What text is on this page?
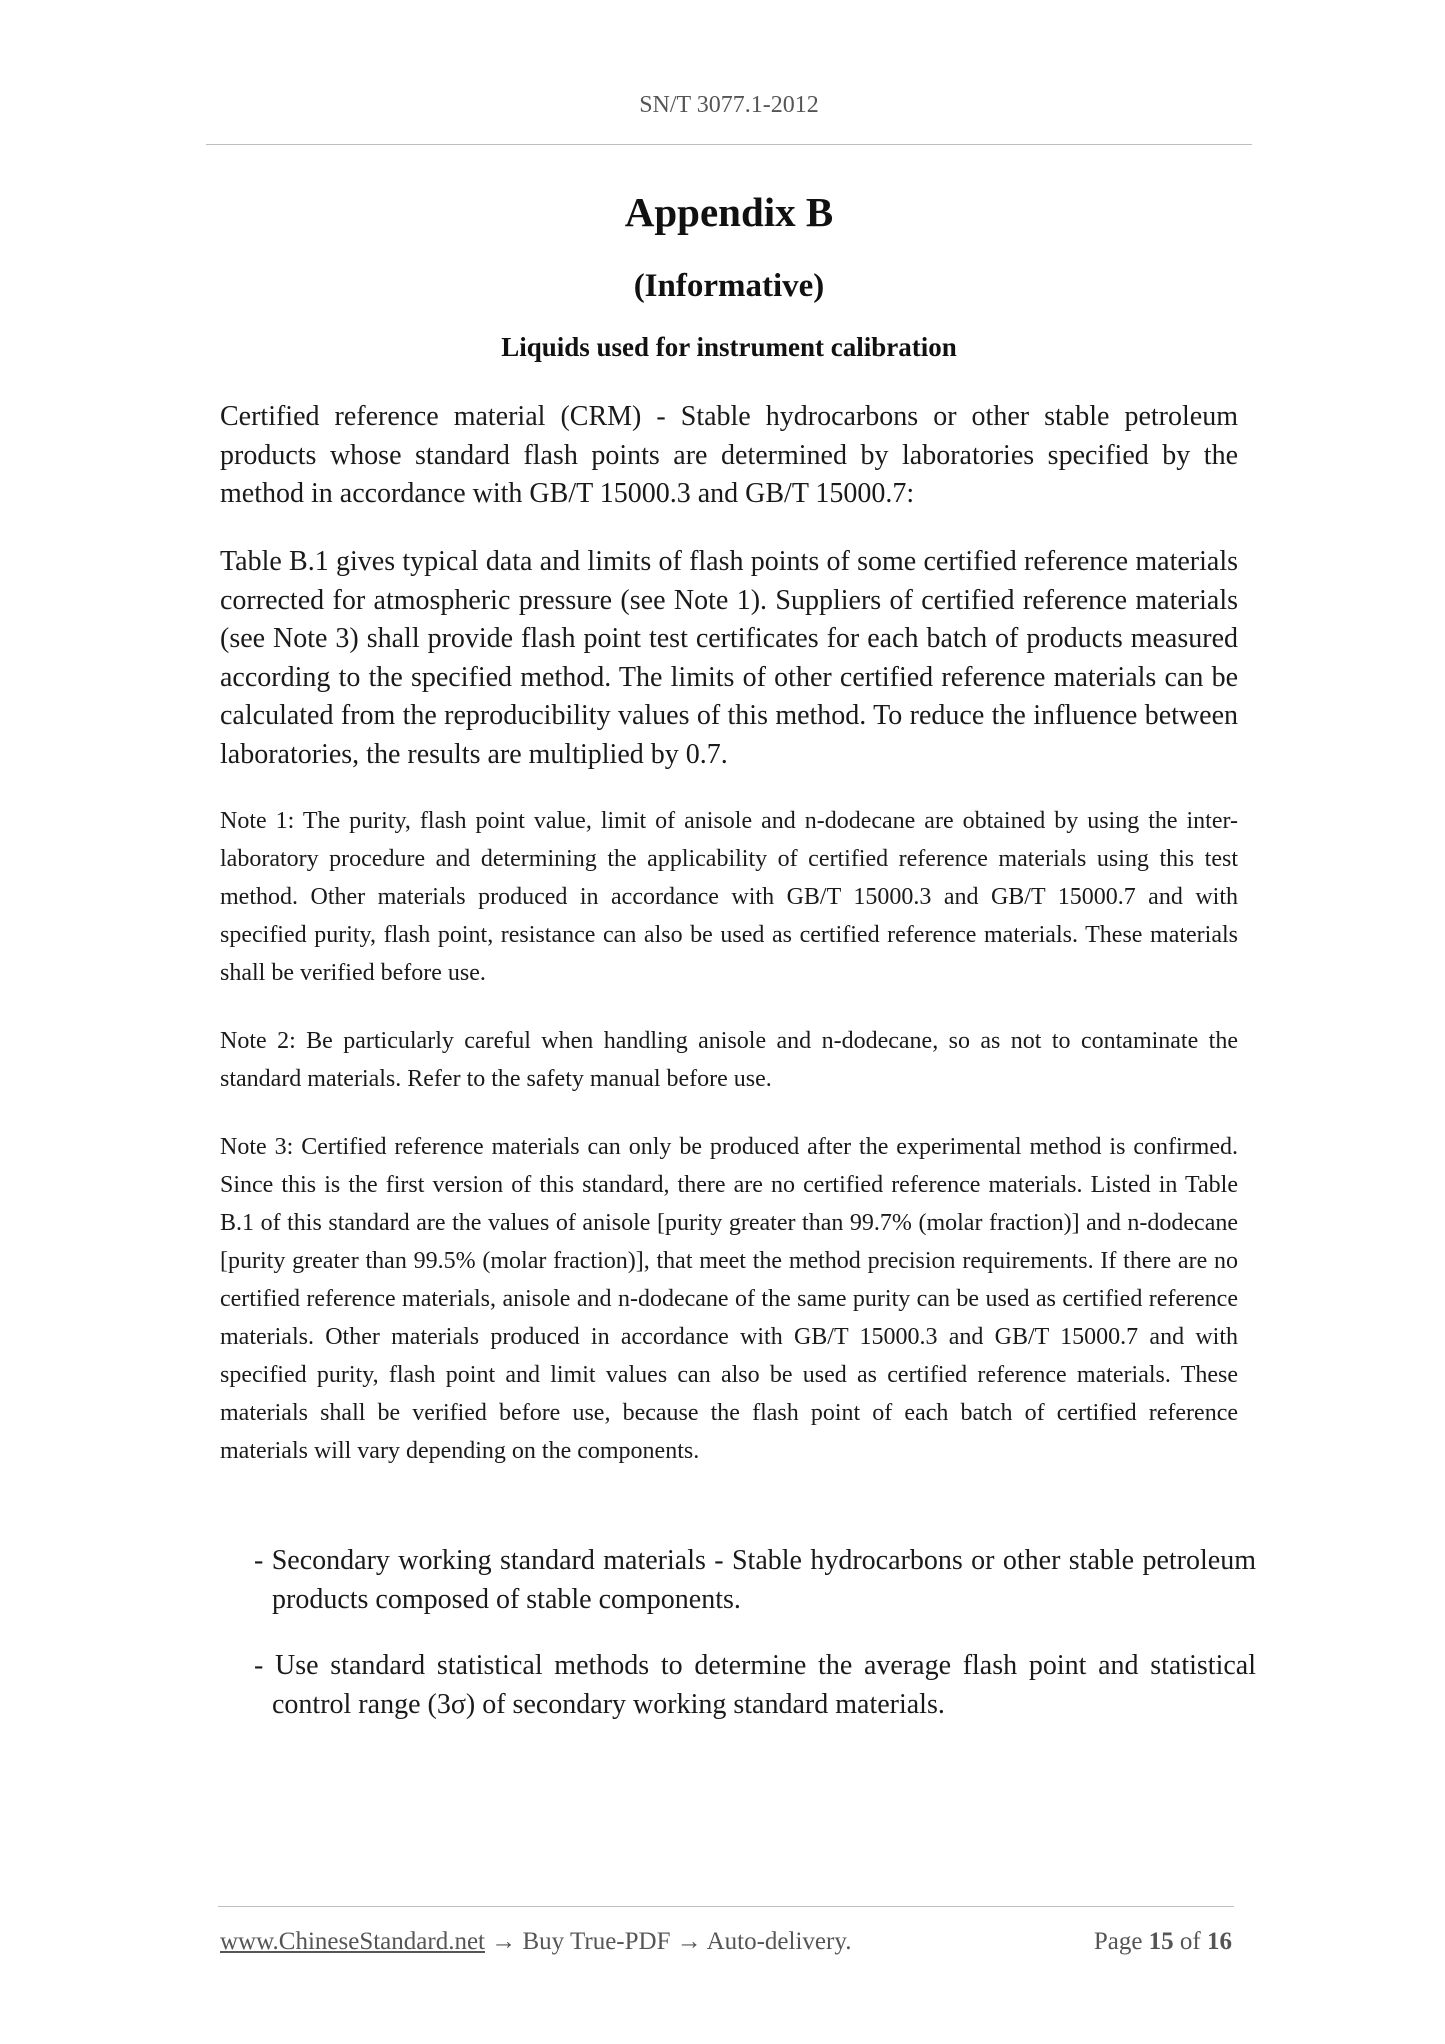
SN/T 3077.1-2012
Appendix B
(Informative)
Liquids used for instrument calibration

Certified reference material (CRM) - Stable hydrocarbons or other stable petroleum products whose standard flash points are determined by laboratories specified by the method in accordance with GB/T 15000.3 and GB/T 15000.7:

Table B.1 gives typical data and limits of flash points of some certified reference materials corrected for atmospheric pressure (see Note 1). Suppliers of certified reference materials (see Note 3) shall provide flash point test certificates for each batch of products measured according to the specified method. The limits of other certified reference materials can be calculated from the reproducibility values of this method. To reduce the influence between laboratories, the results are multiplied by 0.7.

Note 1: The purity, flash point value, limit of anisole and n-dodecane are obtained by using the inter-laboratory procedure and determining the applicability of certified reference materials using this test method. Other materials produced in accordance with GB/T 15000.3 and GB/T 15000.7 and with specified purity, flash point, resistance can also be used as certified reference materials. These materials shall be verified before use.

Note 2: Be particularly careful when handling anisole and n-dodecane, so as not to contaminate the standard materials. Refer to the safety manual before use.

Note 3: Certified reference materials can only be produced after the experimental method is confirmed. Since this is the first version of this standard, there are no certified reference materials. Listed in Table B.1 of this standard are the values of anisole [purity greater than 99.7% (molar fraction)] and n-dodecane [purity greater than 99.5% (molar fraction)], that meet the method precision requirements. If there are no certified reference materials, anisole and n-dodecane of the same purity can be used as certified reference materials. Other materials produced in accordance with GB/T 15000.3 and GB/T 15000.7 and with specified purity, flash point and limit values can also be used as certified reference materials. These materials shall be verified before use, because the flash point of each batch of certified reference materials will vary depending on the components.

- Secondary working standard materials - Stable hydrocarbons or other stable petroleum products composed of stable components.

- Use standard statistical methods to determine the average flash point and statistical control range (3σ) of secondary working standard materials.

www.ChineseStandard.net → Buy True-PDF → Auto-delivery.	Page 15 of 16
